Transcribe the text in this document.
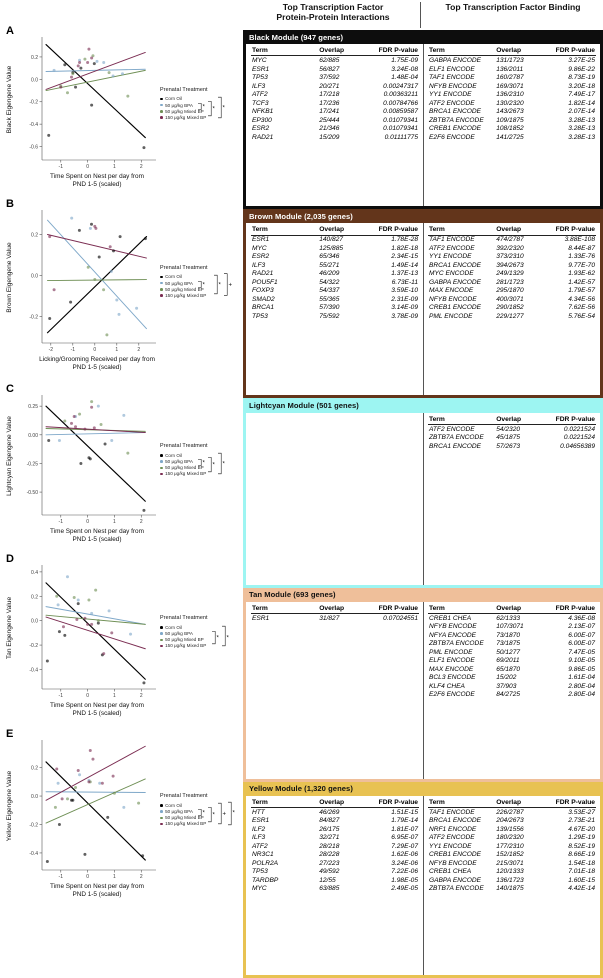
A
0.2
0.0
-0.2
-0.4
-0.6
-1	0	1	2
Black Eigengene Value
Time Spent on Nest per day from
PND 1-5 (scaled)
Prenatal Treatment
Corn Oil
50 μg/kg BPA
50 μg/kg Mixed BP
150 μg/kg Mixed BP
* * *
B
0.2
0.0
-0.2
-2	-1	0	1	2
Brown Eigengene Value
Licking/Grooming Received per day from
PND 1-5 (scaled)
Prenatal Treatment
Corn Oil
50 μg/kg BPA
50 μg/kg Mixed BP
150 μg/kg Mixed BP
* * +
C
0.25
0.00
-0.25
-0.50
-1	0	1	2
Lightcyan Eigengene Value
Time Spent on Nest per day from
PND 1-5 (scaled)
Prenatal Treatment
Corn Oil
50 μg/kg BPA
50 μg/kg Mixed BP
150 μg/kg Mixed BP
* * *
D
0.4
0.2
0.0
-0.2
-0.4
-1	0	1	2
Tan Eigengene Value
Time Spent on Nest per day from
PND 1-5 (scaled)
Prenatal Treatment
Corn Oil
50 μg/kg BPA
50 μg/kg Mixed BP
150 μg/kg Mixed BP
* *
E
0.2
0.0
-0.2
-0.4
-1	0	1	2
Yellow Eigengene Value
Time Spent on Nest per day from
PND 1-5 (scaled)
Prenatal Treatment
Corn Oil
50 μg/kg BPA
50 μg/kg Mixed BP
150 μg/kg Mixed BP
* * + *
Top Transcription Factor
Protein-Protein Interactions
Top Transcription Factor Binding
Black Module (947 genes)
Term	Overlap	FDR P-value
MYC	62/885	1.75E-09
ESR1	56/827	3.24E-08
TP53	37/592	1.48E-04
ILF3	20/271	0.00247317
ATF2	17/218	0.00363211
TCF3	17/236	0.00784766
NFKB1	17/241	0.00859587
EP300	25/444	0.01079341
ESR2	21/346	0.01079341
RAD21	15/209	0.01111775
Term	Overlap	FDR P-value
GABPA ENCODE	131/1723	3.27E-25
ELF1 ENCODE	136/2011	9.86E-22
TAF1 ENCODE	160/2787	8.73E-19
NFYB ENCODE	169/3071	3.20E-18
YY1 ENCODE	136/2310	7.49E-17
ATF2 ENCODE	130/2320	1.82E-14
BRCA1 ENCODE	143/2673	2.07E-14
ZBTB7A ENCODE	109/1875	3.28E-13
CREB1 ENCODE	108/1852	3.28E-13
E2F6 ENCODE	141/2725	3.28E-13
Brown Module (2,035 genes)
Term	Overlap	FDR P-value
ESR1	140/827	1.78E-28
MYC	125/885	1.82E-18
ESR2	65/346	2.34E-15
ILF3	55/271	1.49E-14
RAD21	46/209	1.37E-13
POU5F1	54/322	6.73E-11
FOXP3	54/337	3.59E-10
SMAD2	55/365	2.31E-09
BRCA1	57/390	3.14E-09
TP53	75/592	3.78E-09
Term	Overlap	FDR P-value
TAF1 ENCODE	474/2787	3.88E-108
ATF2 ENCODE	392/2320	8.44E-87
YY1 ENCODE	373/2310	1.33E-76
BRCA1 ENCODE	394/2673	9.77E-70
MYC ENCODE	249/1329	1.93E-62
GABPA ENCODE	281/1723	1.42E-57
MAX ENCODE	295/1870	1.79E-57
NFYB ENCODE	400/3071	4.34E-56
CREB1 ENCODE	290/1852	7.62E-56
PML ENCODE	229/1277	5.76E-54
Lightcyan Module (501 genes)
Term	Overlap	FDR P-value
ATF2 ENCODE	54/2320	0.0221524
ZBTB7A ENCODE	45/1875	0.0221524
BRCA1 ENCODE	57/2673	0.04656389
Tan Module (693 genes)
Term	Overlap	FDR P-value
ESR1	31/827	0.07024551
Term	Overlap	FDR P-value
CREB1 CHEA	62/1333	4.36E-08
NFYB ENCODE	107/3071	2.13E-07
NFYA ENCODE	73/1870	6.00E-07
ZBTB7A ENCODE	73/1875	6.00E-07
PML ENCODE	50/1277	7.47E-05
ELF1 ENCODE	69/2011	9.10E-05
MAX ENCODE	65/1870	9.86E-05
BCL3 ENCODE	15/202	1.61E-04
KLF4 CHEA	37/903	2.80E-04
E2F6 ENCODE	84/2725	2.80E-04
Yellow Module (1,320 genes)
Term	Overlap	FDR P-value
HTT	46/269	1.51E-15
ESR1	84/827	1.79E-14
ILF2	26/175	1.81E-07
ILF3	32/271	6.95E-07
ATF2	28/218	7.29E-07
NR3C1	28/228	1.62E-06
POLR2A	27/223	3.24E-06
TP53	49/592	7.22E-06
TARDBP	12/55	1.98E-05
MYC	63/885	2.49E-05
Term	Overlap	FDR P-value
TAF1 ENCODE	226/2787	3.53E-27
BRCA1 ENCODE	204/2673	2.73E-21
NRF1 ENCODE	139/1556	4.67E-20
ATF2 ENCODE	180/2320	1.29E-19
YY1 ENCODE	177/2310	8.52E-19
CREB1 ENCODE	152/1852	8.66E-19
NFYB ENCODE	215/3071	1.54E-18
CREB1 CHEA	120/1333	7.01E-18
GABPA ENCODE	136/1723	1.60E-15
ZBTB7A ENCODE	140/1875	4.42E-14
